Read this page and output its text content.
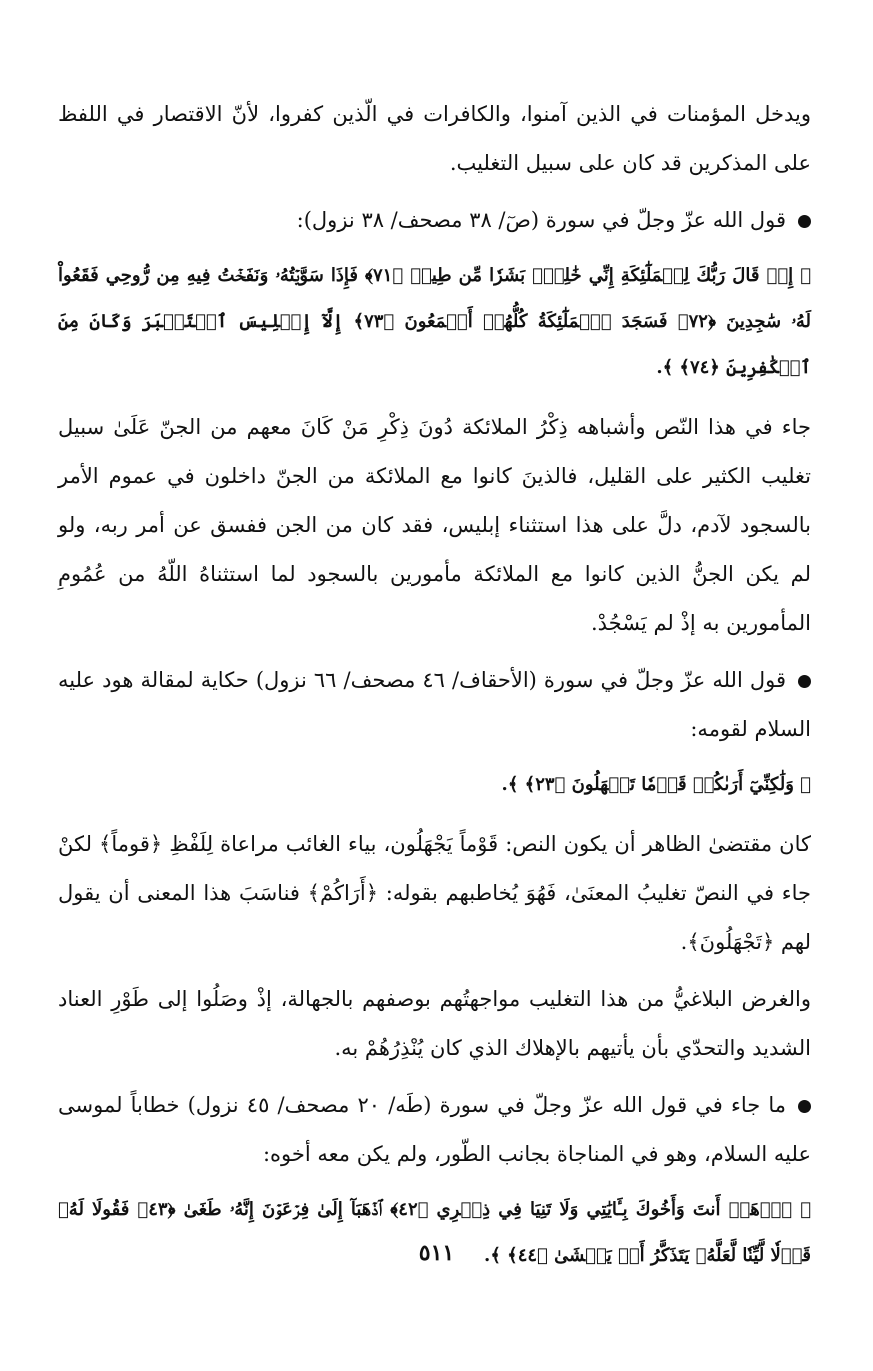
ويدخل المؤمنات في الذين آمنوا، والكافرات في الّذين كفروا، لأنّ الاقتصار في اللفظ على المذكرين قد كان على سبيل التغليب.

قول الله عزّ وجلّ في سورة (صٓ/ ٣٨ مصحف/ ٣٨ نزول):

﴿ إِذۡ قَالَ رَبُّكَ لِلۡمَلَٰٓئِكَةِ إِنِّي خَٰلِقُۢ بَشَرٗا مِّن طِينٖ ﴿٧١﴾ فَإِذَا سَوَّيۡتُهُۥ وَنَفَخۡتُ فِيهِ مِن رُّوحِي فَقَعُواْ لَهُۥ سَٰجِدِينَ ﴿٧٢﴾ فَسَجَدَ ٱلۡمَلَٰٓئِكَةُ كُلُّهُمۡ أَجۡمَعُونَ ﴿٧٣﴾ إِلَّآ إِبۡلِيسَ ٱسۡتَكۡبَرَ وَكَانَ مِنَ ٱلۡكَٰفِرِينَ ﴿٧٤﴾ ﴾.

جاء في هذا النّص وأشباهه ذِكْرُ الملائكة دُونَ ذِكْرِ مَنْ كَانَ معهم من الجنّ عَلَىٰ سبيل تغليب الكثير على القليل، فالذينَ كانوا مع الملائكة من الجنّ داخلون في عموم الأمر بالسجود لآدم، دلَّ على هذا استثناء إبليس، فقد كان من الجن ففسق عن أمر ربه، ولو لم يكن الجنُّ الذين كانوا مع الملائكة مأمورين بالسجود لما استثناهُ اللّهُ من عُمُومِ المأمورين به إذْ لم يَسْجُدْ.

قول الله عزّ وجلّ في سورة (الأحقاف/ ٤٦ مصحف/ ٦٦ نزول) حكاية لمقالة هود عليه السلام لقومه:

﴿ وَلَٰكِنِّيٓ أَرَىٰكُمۡ قَوۡمٗا تَجۡهَلُونَ ﴿٢٣﴾ ﴾.

كان مقتضىٰ الظاهر أن يكون النص: قَوْماً يَجْهَلُون، بياء الغائب مراعاة لِلَفْظِ ﴿قوماً﴾ لكنْ جاء في النصّ تغليبُ المعنَىٰ، فَهُوَ يُخاطبهم بقوله: ﴿أَرَاكُمْ﴾ فناسَبَ هذا المعنى أن يقول لهم ﴿تَجْهَلُونَ﴾.

والغرض البلاغيُّ من هذا التغليب مواجهتُهم بوصفهم بالجهالة، إذْ وصَلُوا إلى طَوْرِ العناد الشديد والتحدّي بأن يأتيهم بالإهلاك الذي كان يُنْذِرُهُمْ به.

ما جاء في قول الله عزّ وجلّ في سورة (طَه/ ٢٠ مصحف/ ٤٥ نزول) خطاباً لموسى عليه السلام، وهو في المناجاة بجانب الطّور، ولم يكن معه أخوه:

﴿ ٱذۡهَبۡ أَنتَ وَأَخُوكَ بِـَٔايَٰتِي وَلَا تَنِيَا فِي ذِكۡرِي ﴿٤٢﴾ ٱذۡهَبَآ إِلَىٰ فِرۡعَوۡنَ إِنَّهُۥ طَغَىٰ ﴿٤٣﴾ فَقُولَا لَهُۥ قَوۡلٗا لَّيِّنٗا لَّعَلَّهُۥ يَتَذَكَّرُ أَوۡ يَخۡشَىٰ ﴿٤٤﴾ ﴾.

٥١١
